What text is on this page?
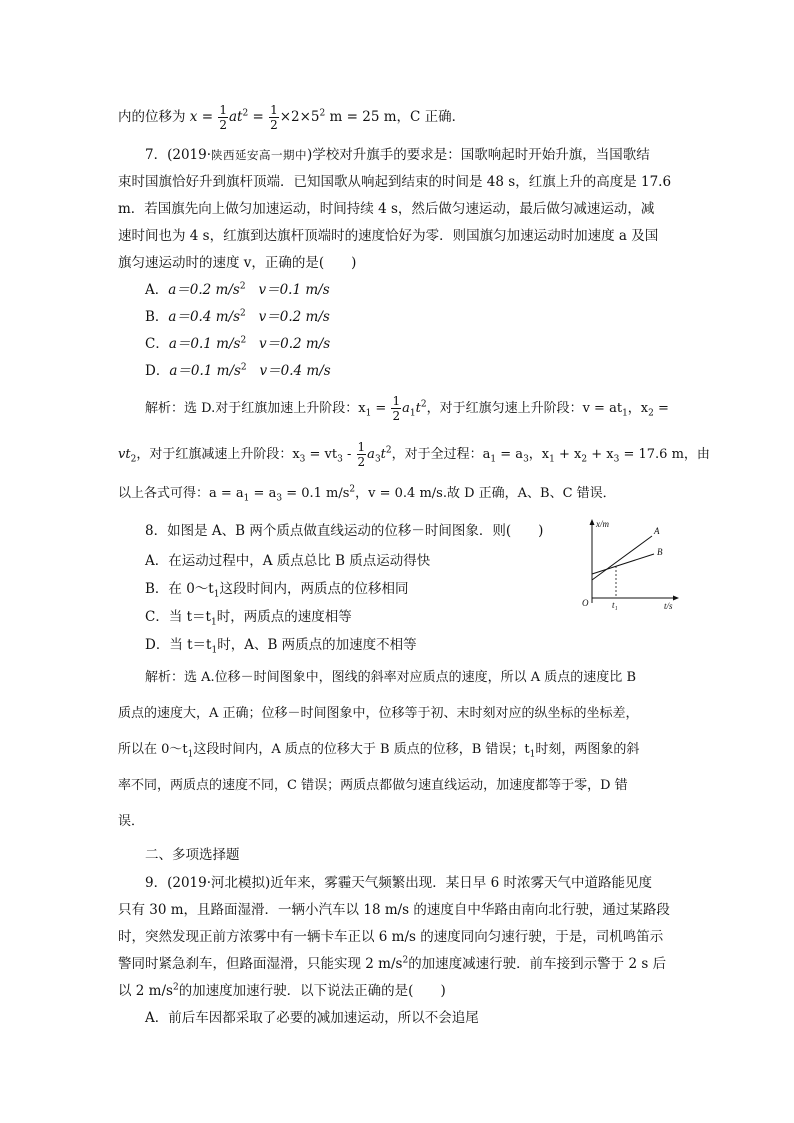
内的位移为 $x = \frac{1}{2} at^2 = \frac{1}{2} \times 2\times 5^2$ m = 25 m，C 正确．
7．(2019·陕西延安高一期中)学校对升旗手的要求是：国歌响起时开始升旗，当国歌结
束时国旗恰好升到旗杆顶端．已知国歌从响起到结束的时间是 48 s，红旗上升的高度是 17.6
m．若国旗先向上做匀加速运动，时间持续 4 s，然后做匀速运动，最后做匀减速运动，减
速时间也为 4 s，红旗到达旗杆顶端时的速度恰好为零．则国旗匀加速运动时加速度 a 及国
旗匀速运动时的速度 v，正确的是(　　)
A．a＝0.2 $m/s^2$ v＝0.1 m/s
B．a＝0.4 $m/s^2$ v＝0.2 m/s
C．a＝0.1 $m/s^2$ v＝0.2 m/s
D．a＝0.1 $m/s^2$ v＝0.4 m/s
解析：选 D.对于红旗加速上升阶段：$x_1 = \frac{1}{2} a_1t^2$，对于红旗匀速上升阶段：$v = at_1$，$x_2$ =
$vt_2$，对于红旗减速上升阶段：$x_3 = vt_3 - \frac{1}{2} a_3t^2$，对于全过程：$a_1 = a_3$，$x_1 + x_2 + x_3 = 17.6$ m，由
以上各式可得：$a = a_1 = a_3 = 0.1$ $m/s^2$，v = 0.4 m/s.故 D 正确，A、B、C 错误．
8．如图是 A、B 两个质点做直线运动的位移－时间图象．则(　　)
A．在运动过程中，A 质点总比 B 质点运动得快
B．在 $0\sim t_1$这段时间内，两质点的位移相同
C．当 $t=t_1$时，两质点的速度相等
D．当 $t=t_1$时，A、B 两质点的加速度不相等
x/m
t/s
O	t₁
A
B
解析：选 A.位移－时间图象中，图线的斜率对应质点的速度，所以 A 质点的速度比 B
质点的速度大，A 正确；位移－时间图象中，位移等于初、末时刻对应的纵坐标的坐标差，
所以在 $0\sim t_1$这段时间内，A 质点的位移大于 B 质点的位移，B 错误；$t_1$时刻，两图象的斜
率不同，两质点的速度不同，C 错误；两质点都做匀速直线运动，加速度都等于零，D 错
误．
二、多项选择题
9．(2019·河北模拟)近年来，雾霾天气频繁出现．某日早 6 时浓雾天气中道路能见度
只有 30 m，且路面湿滑．一辆小汽车以 18 m/s 的速度自中华路由南向北行驶，通过某路段
时，突然发现正前方浓雾中有一辆卡车正以 6 m/s 的速度同向匀速行驶，于是，司机鸣笛示
警同时紧急刹车，但路面湿滑，只能实现 2 $m/s^2$的加速度减速行驶．前车接到示警于 2 s 后
以 2 $m/s^2$的加速度加速行驶．以下说法正确的是(　　)
A．前后车因都采取了必要的减加速运动，所以不会追尾
